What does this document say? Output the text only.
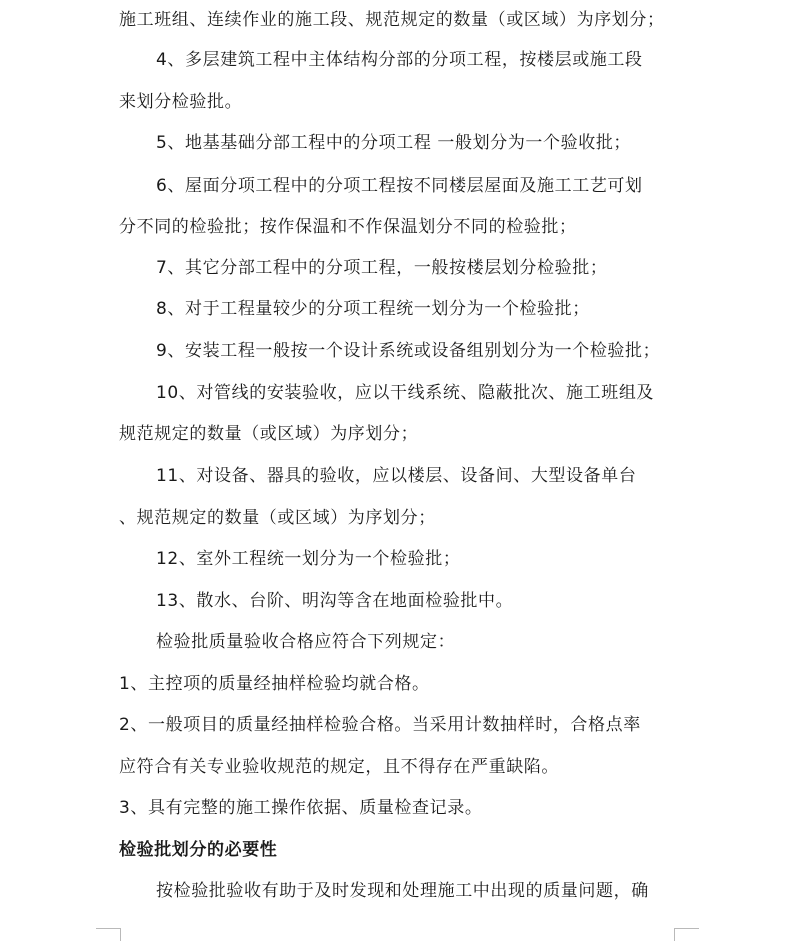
施工班组、连续作业的施工段、规范规定的数量（或区域）为序划分；
4、多层建筑工程中主体结构分部的分项工程，按楼层或施工段
来划分检验批。
5、地基基础分部工程中的分项工程 一般划分为一个验收批；
6、屋面分项工程中的分项工程按不同楼层屋面及施工工艺可划
分不同的检验批；按作保温和不作保温划分不同的检验批；
7、其它分部工程中的分项工程，一般按楼层划分检验批；
8、对于工程量较少的分项工程统一划分为一个检验批；
9、安装工程一般按一个设计系统或设备组别划分为一个检验批；
10、对管线的安装验收，应以干线系统、隐蔽批次、施工班组及
规范规定的数量（或区域）为序划分；
11、对设备、器具的验收，应以楼层、设备间、大型设备单台
、规范规定的数量（或区域）为序划分；
12、室外工程统一划分为一个检验批；
13、散水、台阶、明沟等含在地面检验批中。
检验批质量验收合格应符合下列规定：
1、主控项的质量经抽样检验均就合格。
2、一般项目的质量经抽样检验合格。当采用计数抽样时，合格点率
应符合有关专业验收规范的规定，且不得存在严重缺陷。
3、具有完整的施工操作依据、质量检查记录。
检验批划分的必要性
按检验批验收有助于及时发现和处理施工中出现的质量问题，确
